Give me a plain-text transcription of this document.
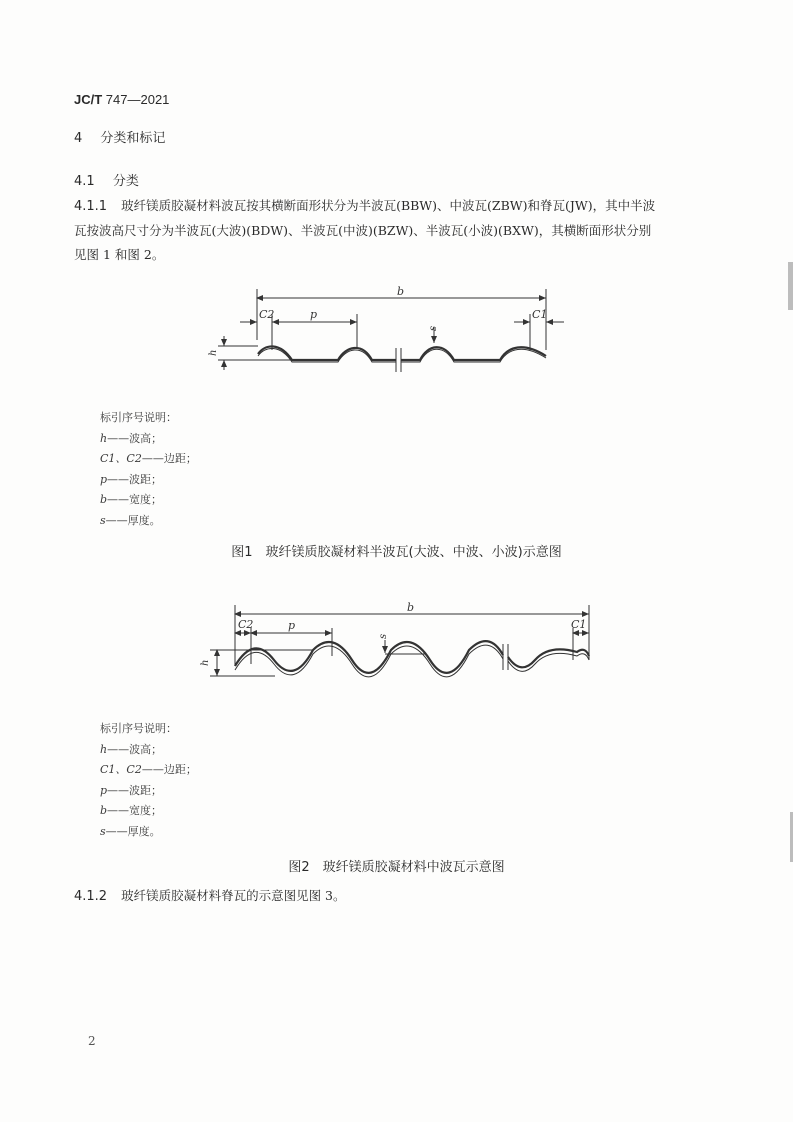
JC/T 747—2021
4 分类和标记
4.1 分类
4.1.1 玻纤镁质胶凝材料波瓦按其横断面形状分为半波瓦(BBW)、中波瓦(ZBW)和脊瓦(JW)，其中半波
瓦按波高尺寸分为半波瓦(大波)(BDW)、半波瓦(中波)(BZW)、半波瓦(小波)(BXW)，其横断面形状分别
见图 1 和图 2。
b
C2	p
s
C1
h
标引序号说明：
h——波高；
C1、C2——边距；
p——波距；
b——宽度；
s——厚度。
图1　玻纤镁质胶凝材料半波瓦(大波、中波、小波)示意图
b
C2	p
s
C1
h
标引序号说明：
h——波高；
C1、C2——边距；
p——波距；
b——宽度；
s——厚度。
图2　玻纤镁质胶凝材料中波瓦示意图
4.1.2 玻纤镁质胶凝材料脊瓦的示意图见图 3。
2
